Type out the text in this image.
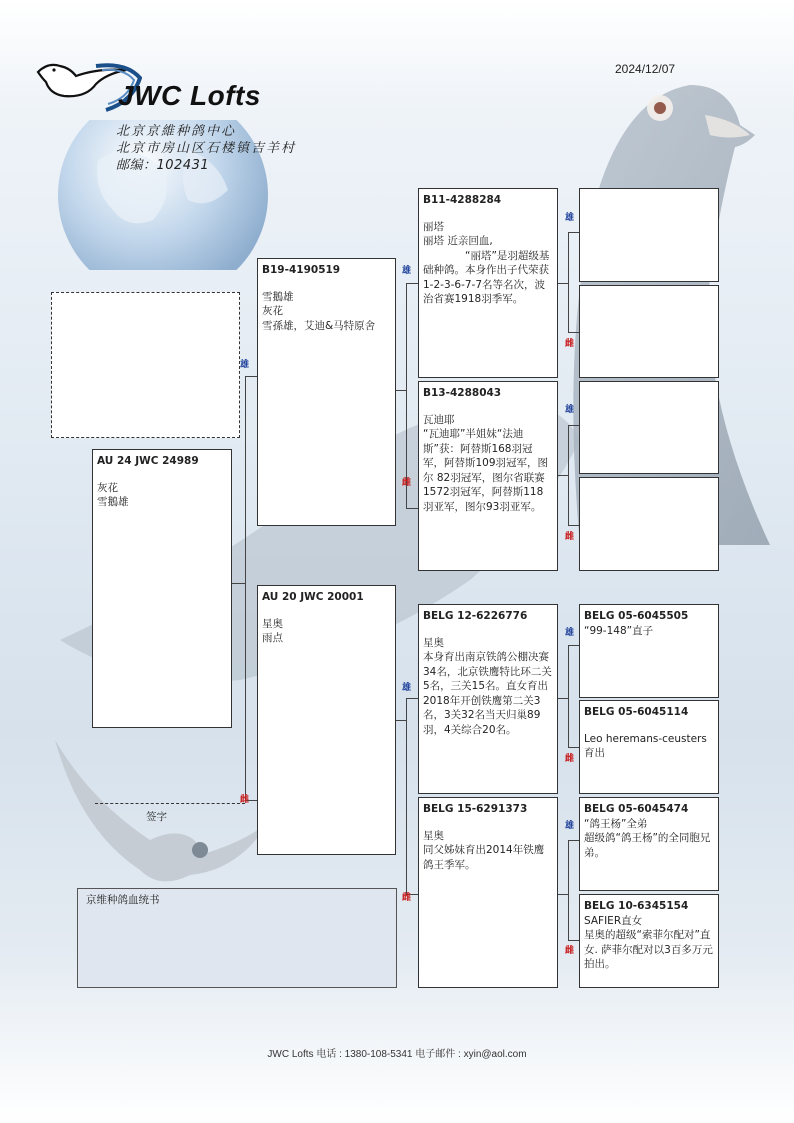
JWC Lofts
北京京維种鸽中心
北京市房山区石楼镇吉羊村
邮编：102431
2024/12/07
雄
雌
雄
雌
雄
雌
雄
雌
雄
雌
雄
雌
雄
雌
AU 24 JWC 24989
灰花
雪鵝雄
B19-4190519
雪鵝雄
灰花
雪孫雄，艾迪&马特原舍
AU 20 JWC 20001
星奥
雨点
B11-4288284
丽塔
丽塔 近亲回血,
　　　　“丽塔”是羽超级基础种鸽。本身作出子代荣获1-2-3-6-7-7名等名次，波治省赛1918羽季军。
B13-4288043
瓦迪耶
“瓦迪耶”半姐妹“法迪斯”获：阿替斯168羽冠军，阿替斯109羽冠军，图尔 82羽冠军，图尔省联赛1572羽冠军，阿替斯118羽亚军，图尔93羽亚军。
BELG 12-6226776
星奥
本身育出南京铁鸽公棚决赛34名，北京铁鹰特比环二关5名，三关15名。直女育出2018年开创铁鹰第二关3名，3关32名当天归巢89羽，4关综合20名。
BELG 15-6291373
星奥
同父姊妹育出2014年铁鹰鸽王季军。
BELG 05-6045505
“99-148”直子
BELG 05-6045114
Leo heremans-ceusters 育出
BELG 05-6045474
“鸽王杨”全弟
超级鸽“鸽王杨”的全同胞兄弟。
BELG 10-6345154
SAFIER直女
星奥的超级“索菲尔配对”直女. 萨菲尔配对以3百多万元拍出。
签字
京维种鸽血统书
JWC Lofts 电话 : 1380-108-5341 电子邮件 : xyin@aol.com
